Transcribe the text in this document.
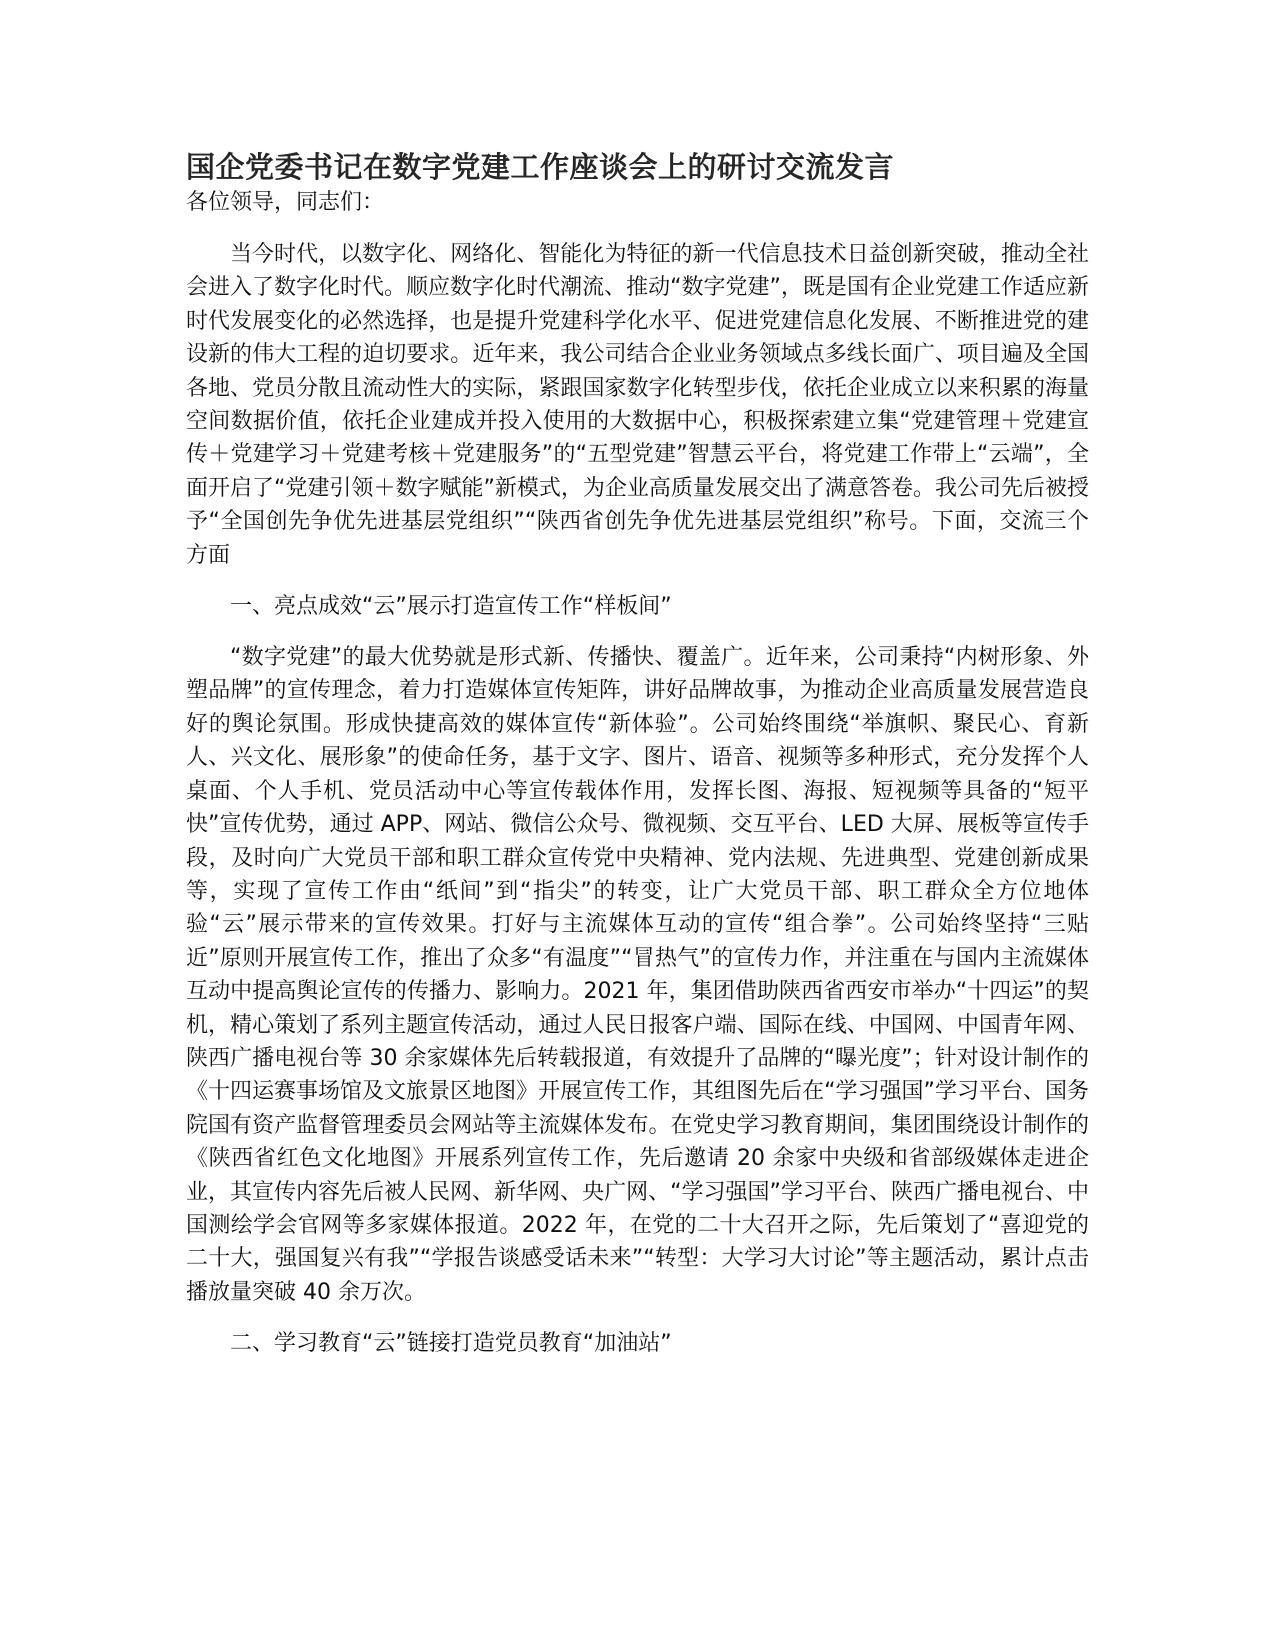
国企党委书记在数字党建工作座谈会上的研讨交流发言

各位领导，同志们：

当今时代，以数字化、网络化、智能化为特征的新一代信息技术日益创新突破，推动全社会进入了数字化时代。顺应数字化时代潮流、推动“数字党建”，既是国有企业党建工作适应新时代发展变化的必然选择，也是提升党建科学化水平、促进党建信息化发展、不断推进党的建设新的伟大工程的迫切要求。近年来，我公司结合企业业务领域点多线长面广、项目遍及全国各地、党员分散且流动性大的实际，紧跟国家数字化转型步伐，依托企业成立以来积累的海量空间数据价值，依托企业建成并投入使用的大数据中心，积极探索建立集“党建管理＋党建宣传＋党建学习＋党建考核＋党建服务”的“五型党建”智慧云平台，将党建工作带上“云端”，全面开启了“党建引领＋数字赋能”新模式，为企业高质量发展交出了满意答卷。我公司先后被授予“全国创先争优先进基层党组织”“陕西省创先争优先进基层党组织”称号。下面，交流三个方面

一、亮点成效“云”展示打造宣传工作“样板间”

“数字党建”的最大优势就是形式新、传播快、覆盖广。近年来，公司秉持“内树形象、外塑品牌”的宣传理念，着力打造媒体宣传矩阵，讲好品牌故事，为推动企业高质量发展营造良好的舆论氛围。形成快捷高效的媒体宣传“新体验”。公司始终围绕“举旗帜、聚民心、育新人、兴文化、展形象”的使命任务，基于文字、图片、语音、视频等多种形式，充分发挥个人桌面、个人手机、党员活动中心等宣传载体作用，发挥长图、海报、短视频等具备的“短平快”宣传优势，通过 APP、网站、微信公众号、微视频、交互平台、LED 大屏、展板等宣传手段，及时向广大党员干部和职工群众宣传党中央精神、党内法规、先进典型、党建创新成果等，实现了宣传工作由“纸间”到“指尖”的转变，让广大党员干部、职工群众全方位地体验“云”展示带来的宣传效果。打好与主流媒体互动的宣传“组合拳”。公司始终坚持“三贴近”原则开展宣传工作，推出了众多“有温度”“冒热气”的宣传力作，并注重在与国内主流媒体互动中提高舆论宣传的传播力、影响力。2021 年，集团借助陕西省西安市举办“十四运”的契机，精心策划了系列主题宣传活动，通过人民日报客户端、国际在线、中国网、中国青年网、陕西广播电视台等 30 余家媒体先后转载报道，有效提升了品牌的“曝光度”；针对设计制作的《十四运赛事场馆及文旅景区地图》开展宣传工作，其组图先后在“学习强国”学习平台、国务院国有资产监督管理委员会网站等主流媒体发布。在党史学习教育期间，集团围绕设计制作的《陕西省红色文化地图》开展系列宣传工作，先后邀请 20 余家中央级和省部级媒体走进企业，其宣传内容先后被人民网、新华网、央广网、“学习强国”学习平台、陕西广播电视台、中国测绘学会官网等多家媒体报道。2022 年，在党的二十大召开之际，先后策划了“喜迎党的二十大，强国复兴有我”“学报告谈感受话未来”“转型：大学习大讨论”等主题活动，累计点击播放量突破 40 余万次。

二、学习教育“云”链接打造党员教育“加油站”
